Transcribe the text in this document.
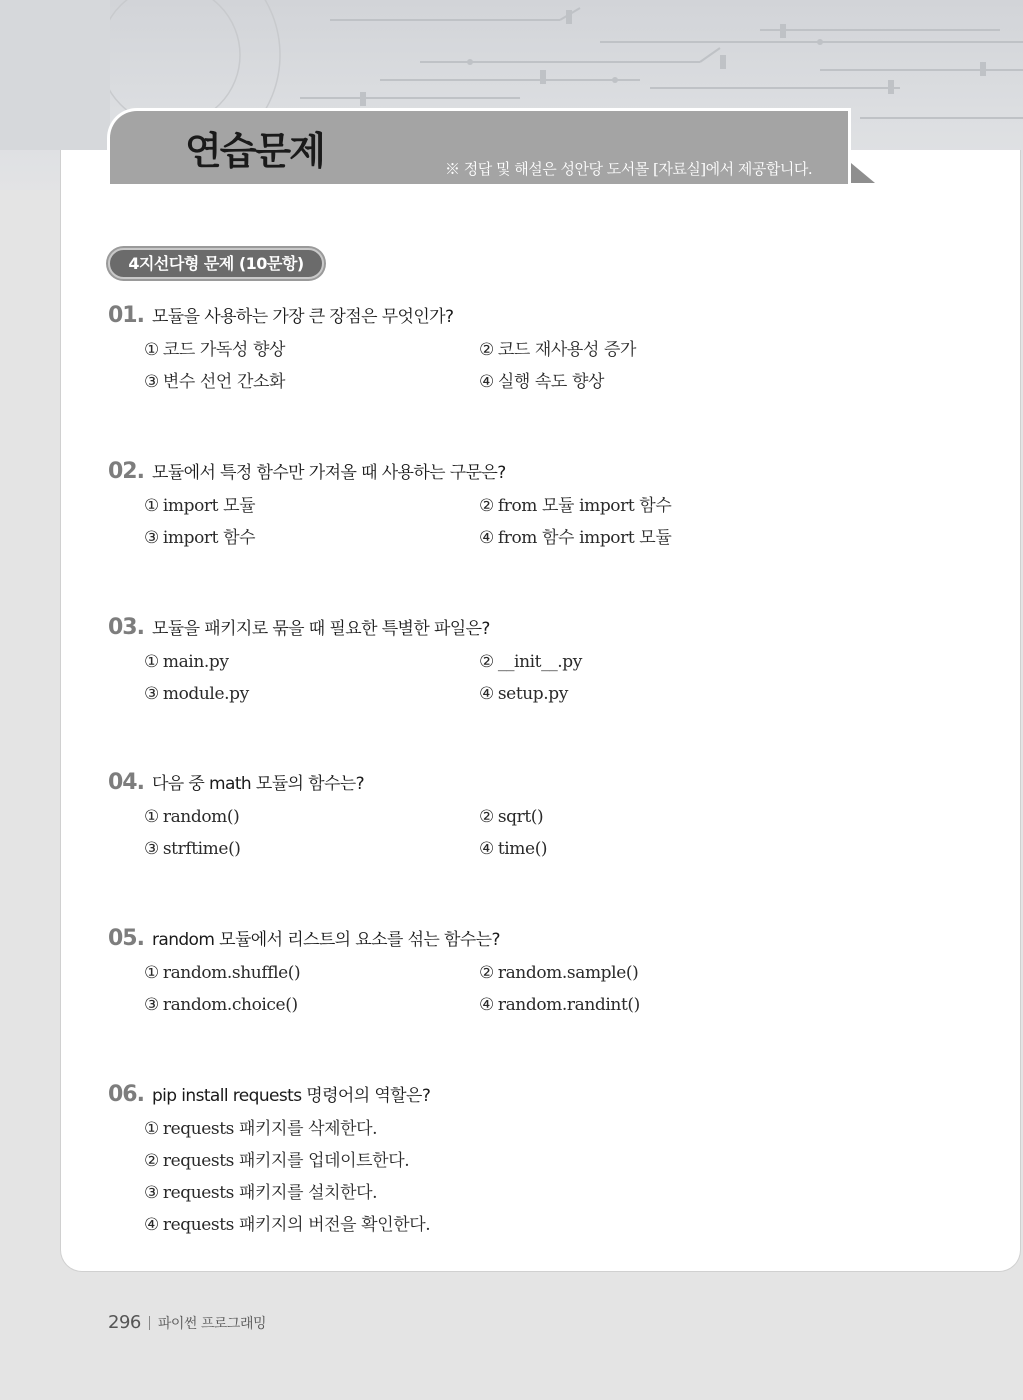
연습문제	※ 정답 및 해설은 성안당 도서몰 [자료실]에서 제공합니다.
4지선다형 문제 (10문항)
01. 모듈을 사용하는 가장 큰 장점은 무엇인가?
① 코드 가독성 향상	② 코드 재사용성 증가
③ 변수 선언 간소화	④ 실행 속도 향상
02. 모듈에서 특정 함수만 가져올 때 사용하는 구문은?
① import 모듈	② from 모듈 import 함수
③ import 함수	④ from 함수 import 모듈
03. 모듈을 패키지로 묶을 때 필요한 특별한 파일은?
① main.py	② __init__.py
③ module.py	④ setup.py
04. 다음 중 math 모듈의 함수는?
① random()	② sqrt()
③ strftime()	④ time()
05. random 모듈에서 리스트의 요소를 섞는 함수는?
① random.shuffle()	② random.sample()
③ random.choice()	④ random.randint()
06. pip install requests 명령어의 역할은?
① requests 패키지를 삭제한다.
② requests 패키지를 업데이트한다.
③ requests 패키지를 설치한다.
④ requests 패키지의 버전을 확인한다.
296 파이썬 프로그래밍
